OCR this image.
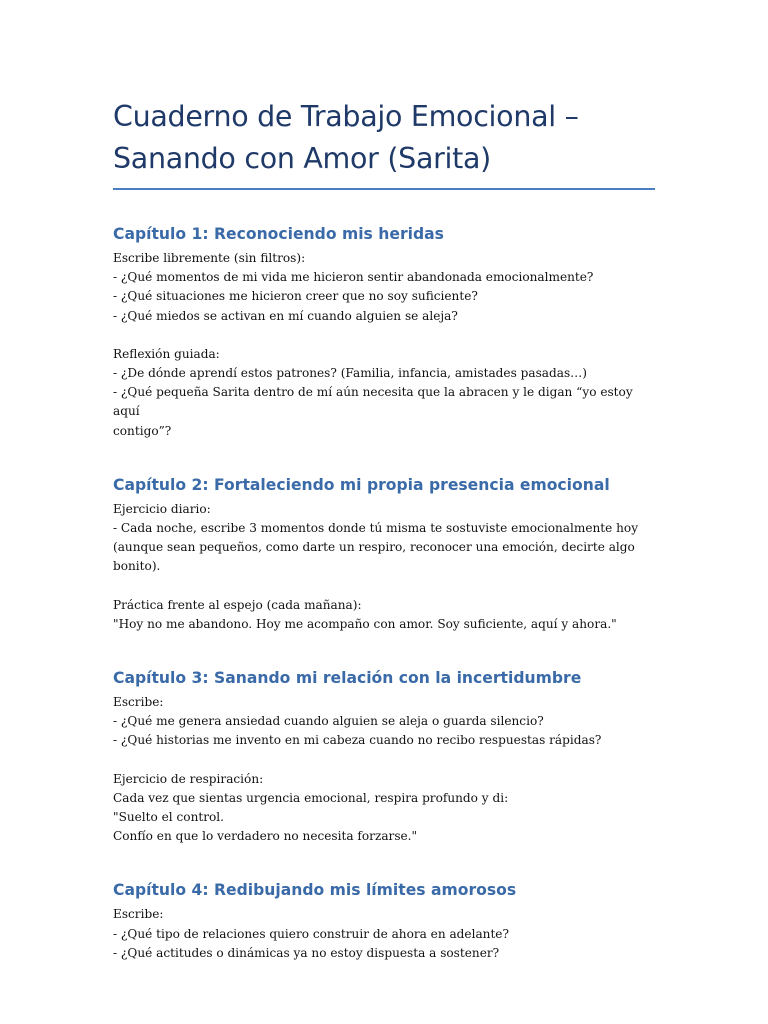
Cuaderno de Trabajo Emocional –
Sanando con Amor (Sarita)
Capítulo 1: Reconociendo mis heridas

Escribe libremente (sin filtros):
- ¿Qué momentos de mi vida me hicieron sentir abandonada emocionalmente?
- ¿Qué situaciones me hicieron creer que no soy suficiente?
- ¿Qué miedos se activan en mí cuando alguien se aleja?

Reflexión guiada:
- ¿De dónde aprendí estos patrones? (Familia, infancia, amistades pasadas…)
- ¿Qué pequeña Sarita dentro de mí aún necesita que la abracen y le digan “yo estoy aquí
contigo”?

Capítulo 2: Fortaleciendo mi propia presencia emocional

Ejercicio diario:
- Cada noche, escribe 3 momentos donde tú misma te sostuviste emocionalmente hoy
(aunque sean pequeños, como darte un respiro, reconocer una emoción, decirte algo
bonito).

Práctica frente al espejo (cada mañana):
"Hoy no me abandono. Hoy me acompaño con amor. Soy suficiente, aquí y ahora."

Capítulo 3: Sanando mi relación con la incertidumbre

Escribe:
- ¿Qué me genera ansiedad cuando alguien se aleja o guarda silencio?
- ¿Qué historias me invento en mi cabeza cuando no recibo respuestas rápidas?

Ejercicio de respiración:
Cada vez que sientas urgencia emocional, respira profundo y di:
"Suelto el control.
Confío en que lo verdadero no necesita forzarse."

Capítulo 4: Redibujando mis límites amorosos

Escribe:
- ¿Qué tipo de relaciones quiero construir de ahora en adelante?
- ¿Qué actitudes o dinámicas ya no estoy dispuesta a sostener?
